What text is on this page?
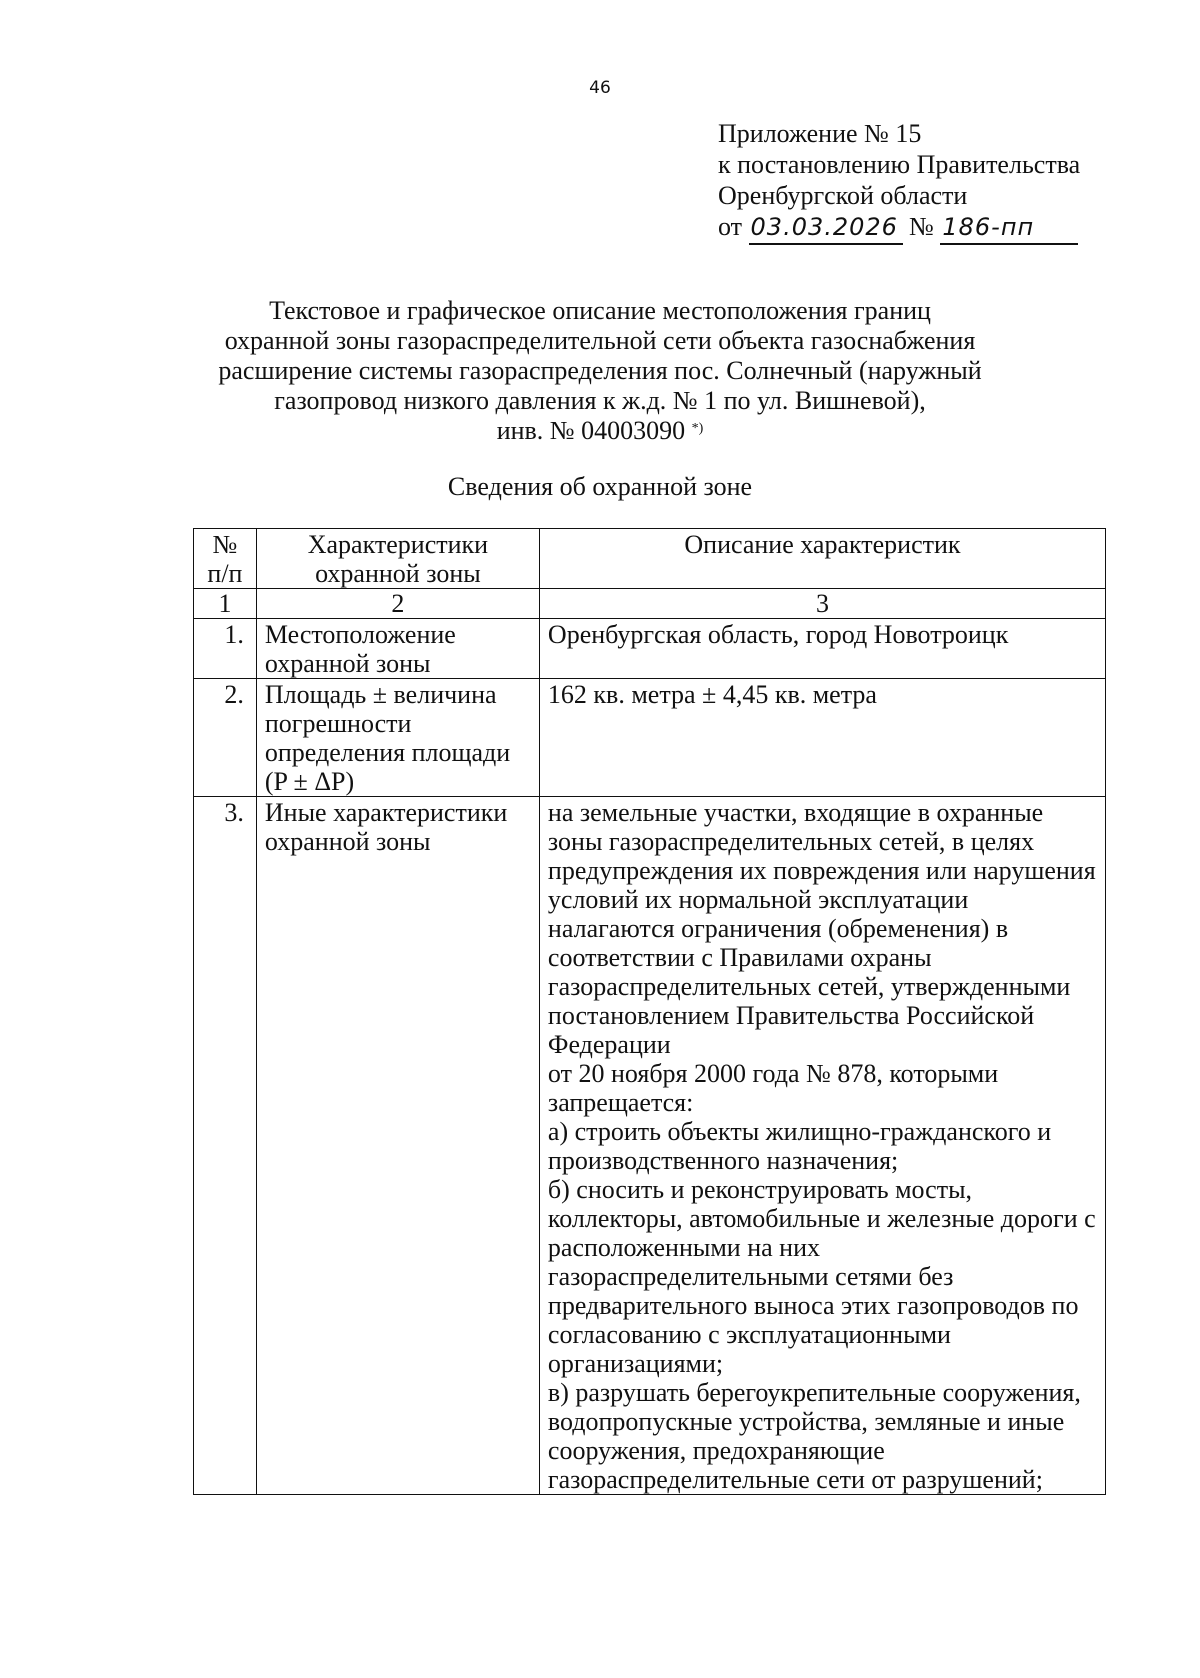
46
Приложение № 15
к постановлению Правительства
Оренбургской области
от 03.03.2026 № 186-пп
Текстовое и графическое описание местоположения границ
охранной зоны газораспределительной сети объекта газоснабжения
расширение системы газораспределения пос. Солнечный (наружный
газопровод низкого давления к ж.д. № 1 по ул. Вишневой),
инв. № 04003090 *)
Сведения об охранной зоне
№ п/п	Характеристики охранной зоны	Описание характеристик
1	2	3
1.	Местоположение охранной зоны	Оренбургская область, город Новотроицк

2.	Площадь ± величина погрешности определения площади (P ± ΔP)	162 кв. метра ± 4,45 кв. метра

3.	Иные характеристики охранной зоны	на земельные участки, входящие в охранные зоны газораспределительных сетей, в целях предупреждения их повреждения или нарушения условий их нормальной эксплуатации налагаются ограничения (обременения) в соответствии с Правилами охраны газораспределительных сетей, утвержденными постановлением Правительства Российской Федерации
от 20 ноября 2000 года № 878, которыми запрещается:
а) строить объекты жилищно-гражданского и производственного назначения;
б) сносить и реконструировать мосты, коллекторы, автомобильные и железные дороги с расположенными на них газораспределительными сетями без предварительного выноса этих газопроводов по согласованию с эксплуатационными организациями;
в) разрушать берегоукрепительные сооружения, водопропускные устройства, земляные и иные сооружения, предохраняющие газораспределительные сети от разрушений;
